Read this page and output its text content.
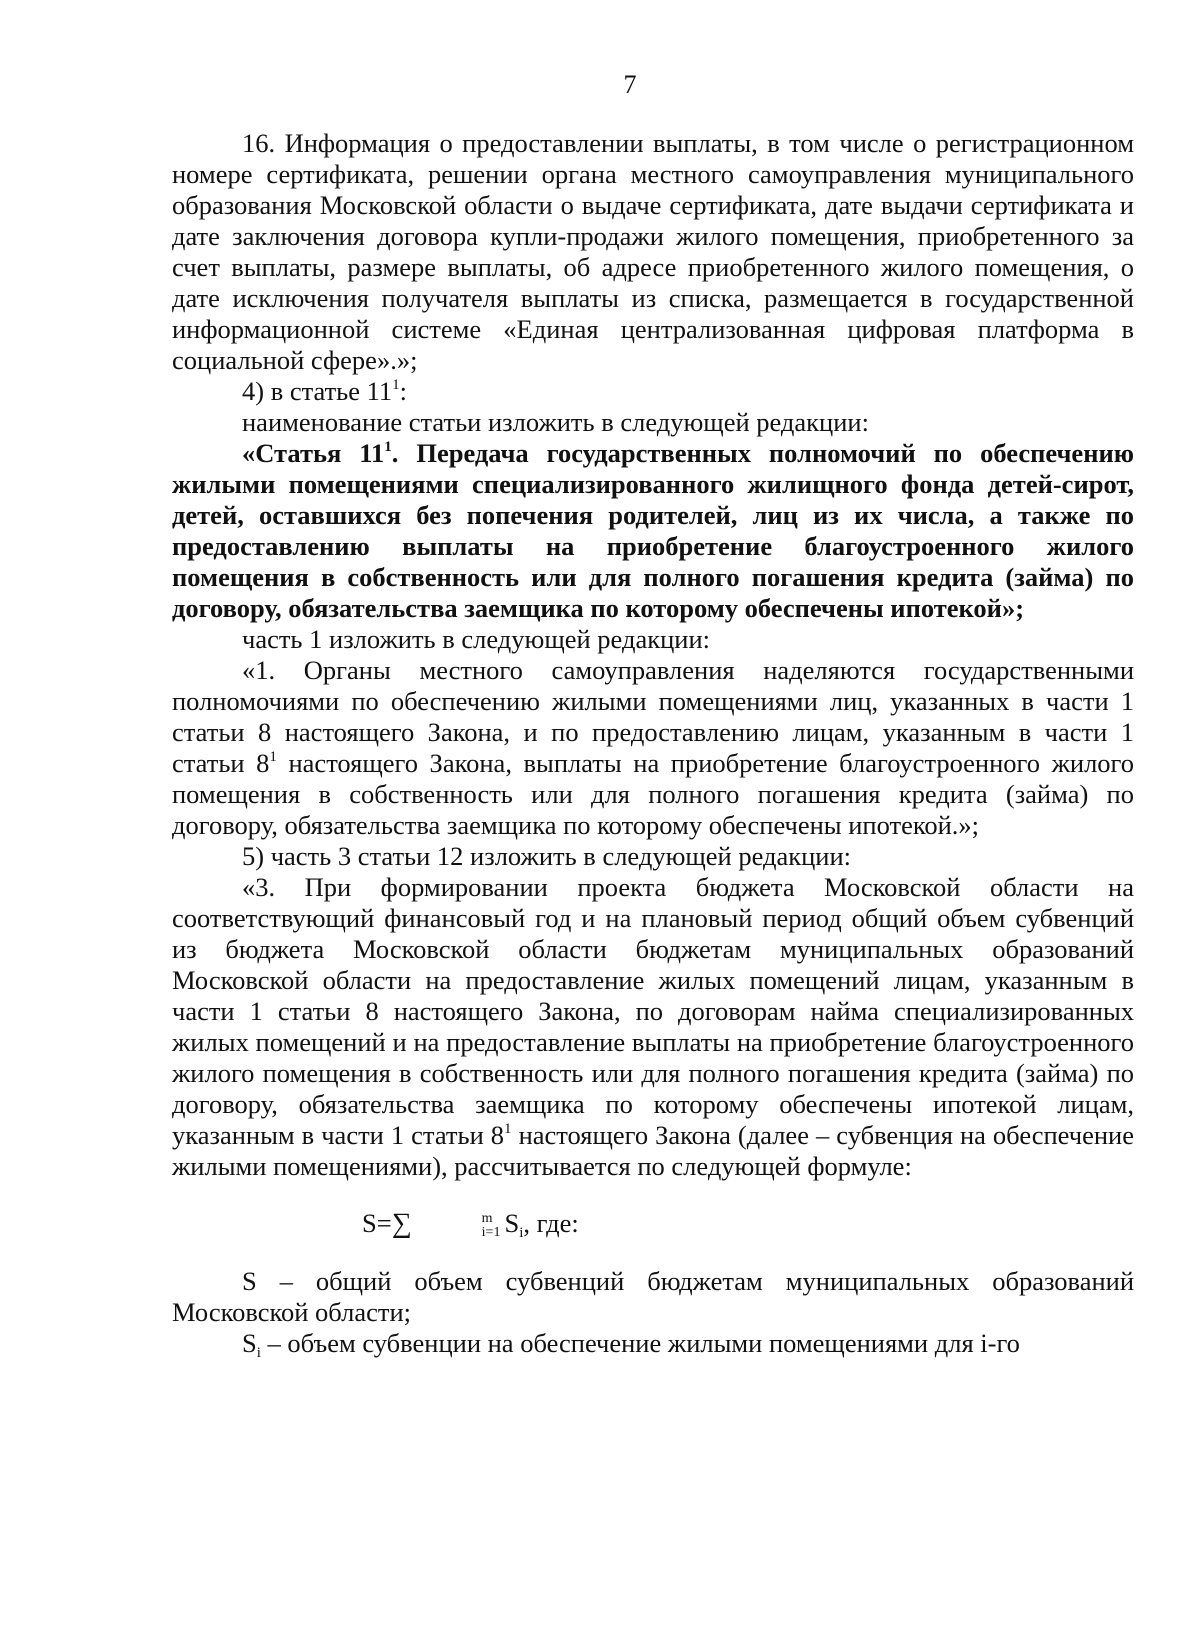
7

16. Информация о предоставлении выплаты, в том числе о регистрационном номере сертификата, решении органа местного самоуправления муниципального образования Московской области о выдаче сертификата, дате выдачи сертификата и дате заключения договора купли-продажи жилого помещения, приобретенного за счет выплаты, размере выплаты, об адресе приобретенного жилого помещения, о дате исключения получателя выплаты из списка, размещается в государственной информационной системе «Единая централизованная цифровая платформа в социальной сфере».»;

4) в статье $11^1$:

наименование статьи изложить в следующей редакции:

«Статья $11^1$. Передача государственных полномочий по обеспечению жилыми помещениями специализированного жилищного фонда детей-сирот, детей, оставшихся без попечения родителей, лиц из их числа, а также по предоставлению выплаты на приобретение благоустроенного жилого помещения в собственность или для полного погашения кредита (займа) по договору, обязательства заемщика по которому обеспечены ипотекой»;

часть 1 изложить в следующей редакции:

«1. Органы местного самоуправления наделяются государственными полномочиями по обеспечению жилыми помещениями лиц, указанных в части 1 статьи 8 настоящего Закона, и по предоставлению лицам, указанным в части 1 статьи $8^1$ настоящего Закона, выплаты на приобретение благоустроенного жилого помещения в собственность или для полного погашения кредита (займа) по договору, обязательства заемщика по которому обеспечены ипотекой.»;

5) часть 3 статьи 12 изложить в следующей редакции:

«3. При формировании проекта бюджета Московской области на соответствующий финансовый год и на плановый период общий объем субвенций из бюджета Московской области бюджетам муниципальных образований Московской области на предоставление жилых помещений лицам, указанным в части 1 статьи 8 настоящего Закона, по договорам найма специализированных жилых помещений и на предоставление выплаты на приобретение благоустроенного жилого помещения в собственность или для полного погашения кредита (займа) по договору, обязательства заемщика по которому обеспечены ипотекой лицам, указанным в части 1 статьи $8^1$ настоящего Закона (далее – субвенция на обеспечение жилыми помещениями), рассчитывается по следующей формуле:

S=∑	m
i=1 $S_i$, где:

S – общий объем субвенций бюджетам муниципальных образований Московской области;

$S_i$ – объем субвенции на обеспечение жилыми помещениями для i-го
